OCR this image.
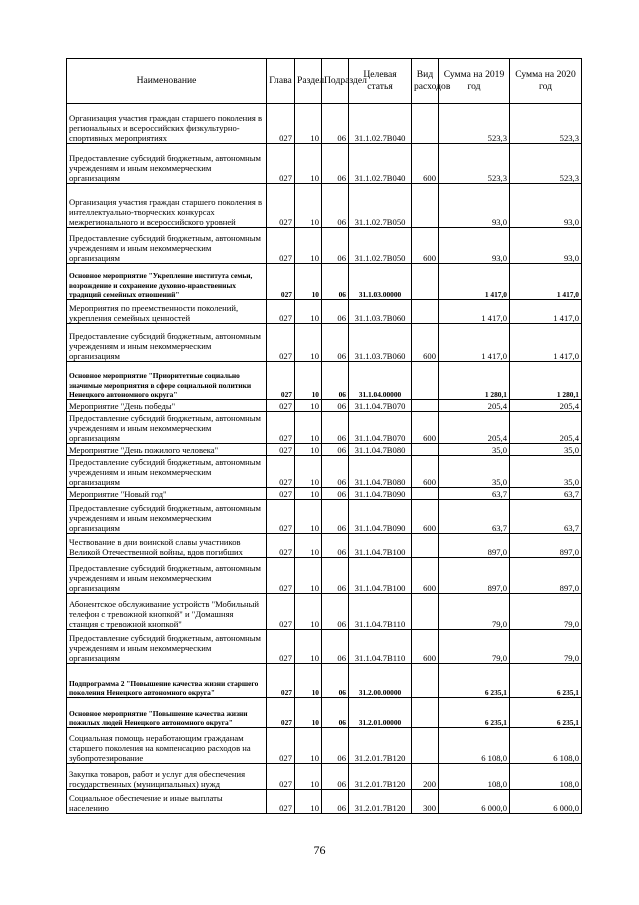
Наименование	Глава	Раздел	Подраздел	Целевая статья	Вид расходов	Сумма на 2019 год	Сумма на 2020 год
Организация участия граждан старшего поколения в региональных и всероссийских физкультурно-спортивных мероприятиях	027	10	06	31.1.02.7В040		523,3	523,3
Предоставление субсидий бюджетным, автономным учреждениям и иным некоммерческим организациям	027	10	06	31.1.02.7В040	600	523,3	523,3
Организация участия граждан старшего поколения в интеллектуально-творческих конкурсах межрегионального и всероссийского уровней	027	10	06	31.1.02.7В050		93,0	93,0
Предоставление субсидий бюджетным, автономным учреждениям и иным некоммерческим организациям	027	10	06	31.1.02.7В050	600	93,0	93,0
Основное мероприятие "Укрепление института семьи, возрождение и сохранение духовно-нравственных традиций семейных отношений"	027	10	06	31.1.03.00000		1 417,0	1 417,0
Мероприятия по преемственности поколений, укрепления семейных ценностей	027	10	06	31.1.03.7В060		1 417,0	1 417,0
Предоставление субсидий бюджетным, автономным учреждениям и иным некоммерческим организациям	027	10	06	31.1.03.7В060	600	1 417,0	1 417,0
Основное мероприятие "Приоритетные социально значимые мероприятия в сфере социальной политики Ненецкого автономного округа"	027	10	06	31.1.04.00000		1 280,1	1 280,1
Мероприятие "День победы"	027	10	06	31.1.04.7В070		205,4	205,4
Предоставление субсидий бюджетным, автономным учреждениям и иным некоммерческим организациям	027	10	06	31.1.04.7В070	600	205,4	205,4
Мероприятие "День пожилого человека"	027	10	06	31.1.04.7В080		35,0	35,0
Предоставление субсидий бюджетным, автономным учреждениям и иным некоммерческим организациям	027	10	06	31.1.04.7В080	600	35,0	35,0
Мероприятие "Новый год"	027	10	06	31.1.04.7В090		63,7	63,7
Предоставление субсидий бюджетным, автономным учреждениям и иным некоммерческим организациям	027	10	06	31.1.04.7В090	600	63,7	63,7
Чествование в дни воинской славы участников Великой Отечественной войны, вдов погибших	027	10	06	31.1.04.7В100		897,0	897,0
Предоставление субсидий бюджетным, автономным учреждениям и иным некоммерческим организациям	027	10	06	31.1.04.7В100	600	897,0	897,0
Абонентское обслуживание устройств "Мобильный телефон с тревожной кнопкой" и "Домашняя станция с тревожной кнопкой"	027	10	06	31.1.04.7В110		79,0	79,0
Предоставление субсидий бюджетным, автономным учреждениям и иным некоммерческим организациям	027	10	06	31.1.04.7В110	600	79,0	79,0
Подпрограмма 2 "Повышение качества жизни старшего поколения Ненецкого автономного округа"	027	10	06	31.2.00.00000		6 235,1	6 235,1
Основное мероприятие "Повышение качества жизни пожилых людей Ненецкого автономного округа"	027	10	06	31.2.01.00000		6 235,1	6 235,1
Социальная помощь неработающим гражданам старшего поколения на компенсацию расходов на зубопротезирование	027	10	06	31.2.01.7В120		6 108,0	6 108,0
Закупка товаров, работ и услуг для обеспечения государственных (муниципальных) нужд	027	10	06	31.2.01.7В120	200	108,0	108,0
Социальное обеспечение и иные выплаты населению	027	10	06	31.2.01.7В120	300	6 000,0	6 000,0
76
